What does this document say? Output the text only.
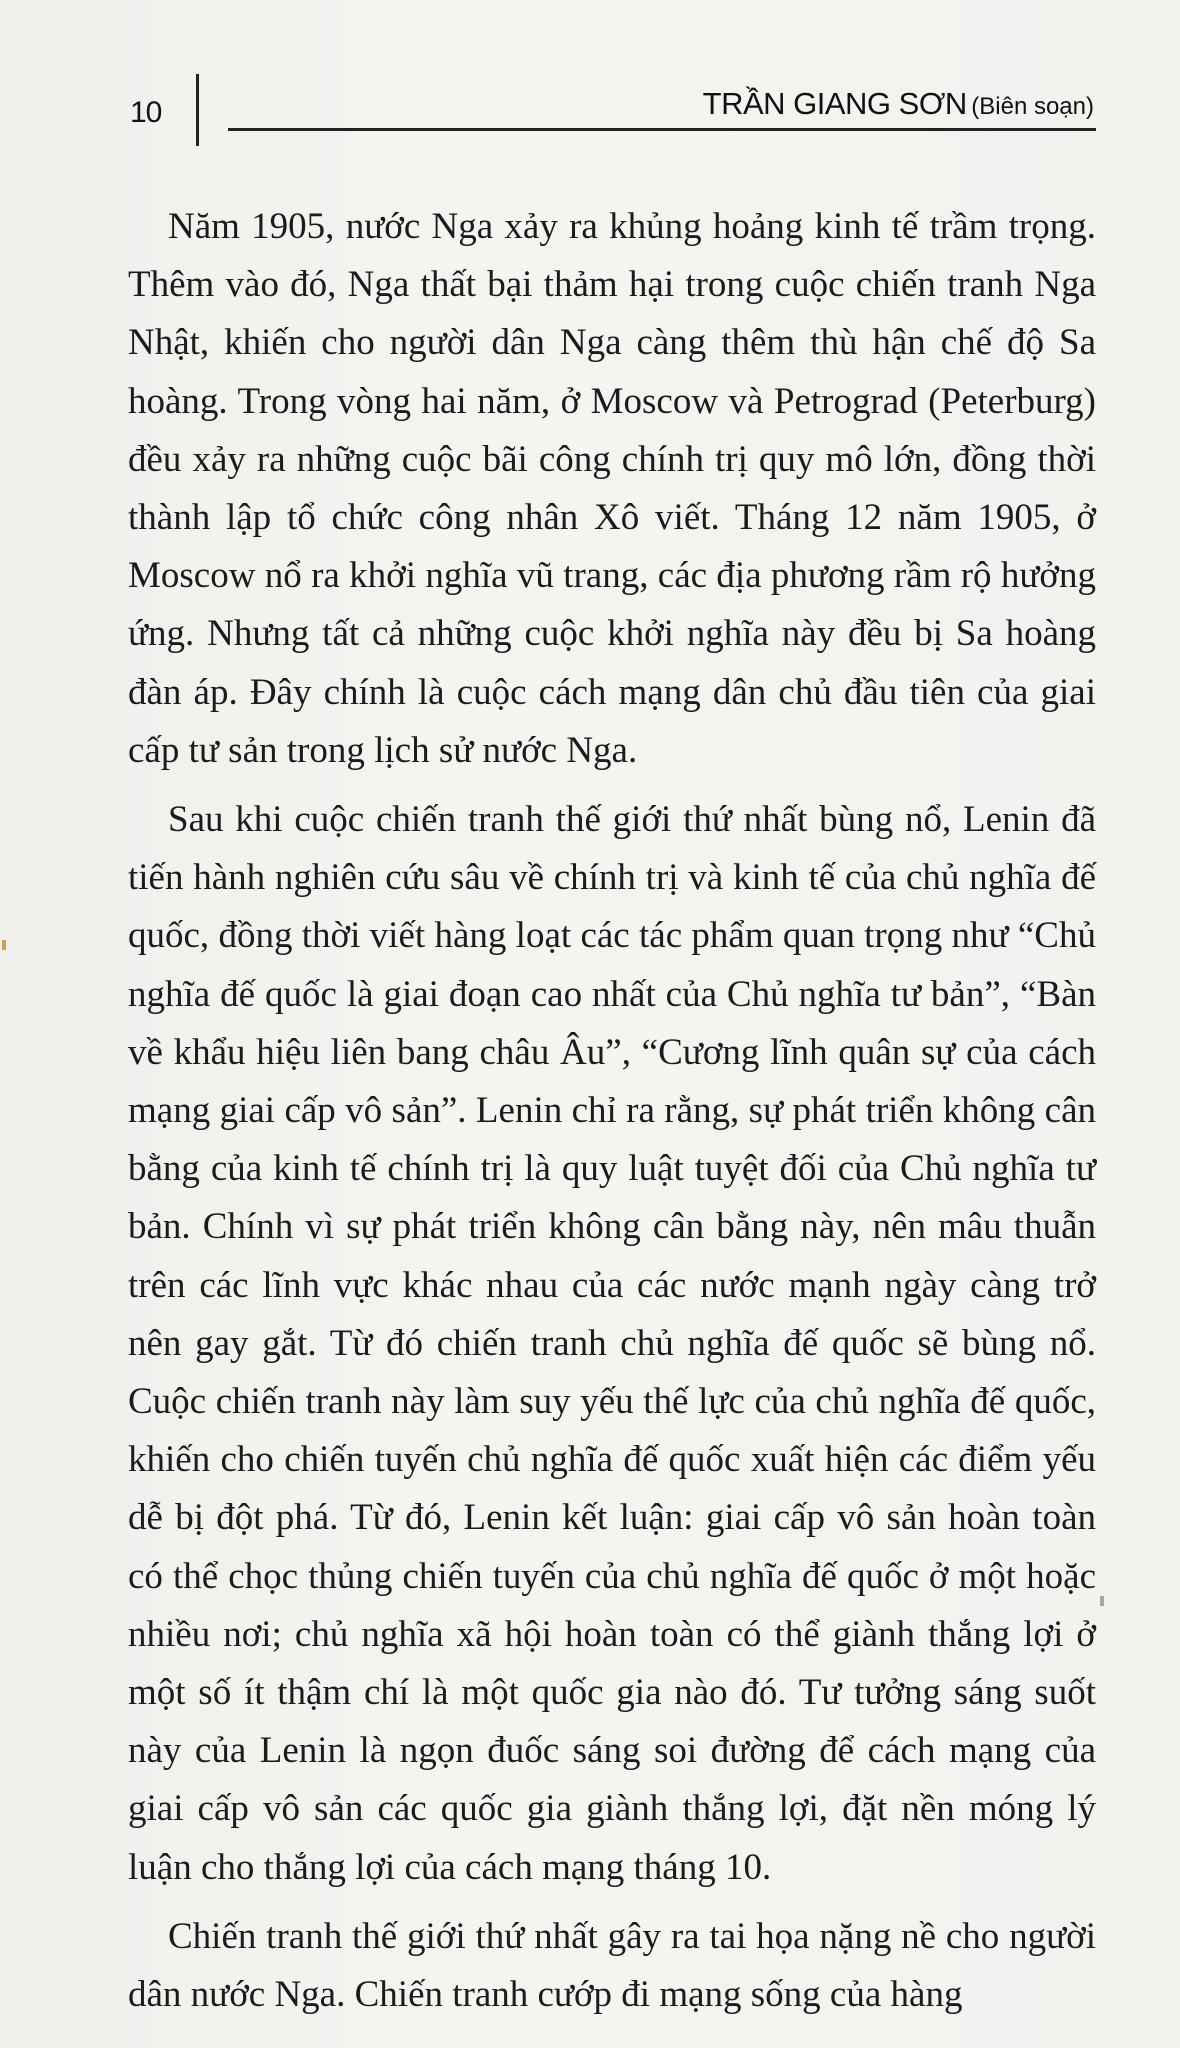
10	TRẦN GIANG SƠN (Biên soạn)

Năm 1905, nước Nga xảy ra khủng hoảng kinh tế trầm trọng. Thêm vào đó, Nga thất bại thảm hại trong cuộc chiến tranh Nga Nhật, khiến cho người dân Nga càng thêm thù hận chế độ Sa hoàng. Trong vòng hai năm, ở Moscow và Petrograd (Peterburg) đều xảy ra những cuộc bãi công chính trị quy mô lớn, đồng thời thành lập tổ chức công nhân Xô viết. Tháng 12 năm 1905, ở Moscow nổ ra khởi nghĩa vũ trang, các địa phương rầm rộ hưởng ứng. Nhưng tất cả những cuộc khởi nghĩa này đều bị Sa hoàng đàn áp. Đây chính là cuộc cách mạng dân chủ đầu tiên của giai cấp tư sản trong lịch sử nước Nga.

Sau khi cuộc chiến tranh thế giới thứ nhất bùng nổ, Lenin đã tiến hành nghiên cứu sâu về chính trị và kinh tế của chủ nghĩa đế quốc, đồng thời viết hàng loạt các tác phẩm quan trọng như “Chủ nghĩa đế quốc là giai đoạn cao nhất của Chủ nghĩa tư bản”, “Bàn về khẩu hiệu liên bang châu Âu”, “Cương lĩnh quân sự của cách mạng giai cấp vô sản”. Lenin chỉ ra rằng, sự phát triển không cân bằng của kinh tế chính trị là quy luật tuyệt đối của Chủ nghĩa tư bản. Chính vì sự phát triển không cân bằng này, nên mâu thuẫn trên các lĩnh vực khác nhau của các nước mạnh ngày càng trở nên gay gắt. Từ đó chiến tranh chủ nghĩa đế quốc sẽ bùng nổ. Cuộc chiến tranh này làm suy yếu thế lực của chủ nghĩa đế quốc, khiến cho chiến tuyến chủ nghĩa đế quốc xuất hiện các điểm yếu dễ bị đột phá. Từ đó, Lenin kết luận: giai cấp vô sản hoàn toàn có thể chọc thủng chiến tuyến của chủ nghĩa đế quốc ở một hoặc nhiều nơi; chủ nghĩa xã hội hoàn toàn có thể giành thắng lợi ở một số ít thậm chí là một quốc gia nào đó. Tư tưởng sáng suốt này của Lenin là ngọn đuốc sáng soi đường để cách mạng của giai cấp vô sản các quốc gia giành thắng lợi, đặt nền móng lý luận cho thắng lợi của cách mạng tháng 10.

Chiến tranh thế giới thứ nhất gây ra tai họa nặng nề cho người dân nước Nga. Chiến tranh cướp đi mạng sống của hàng
